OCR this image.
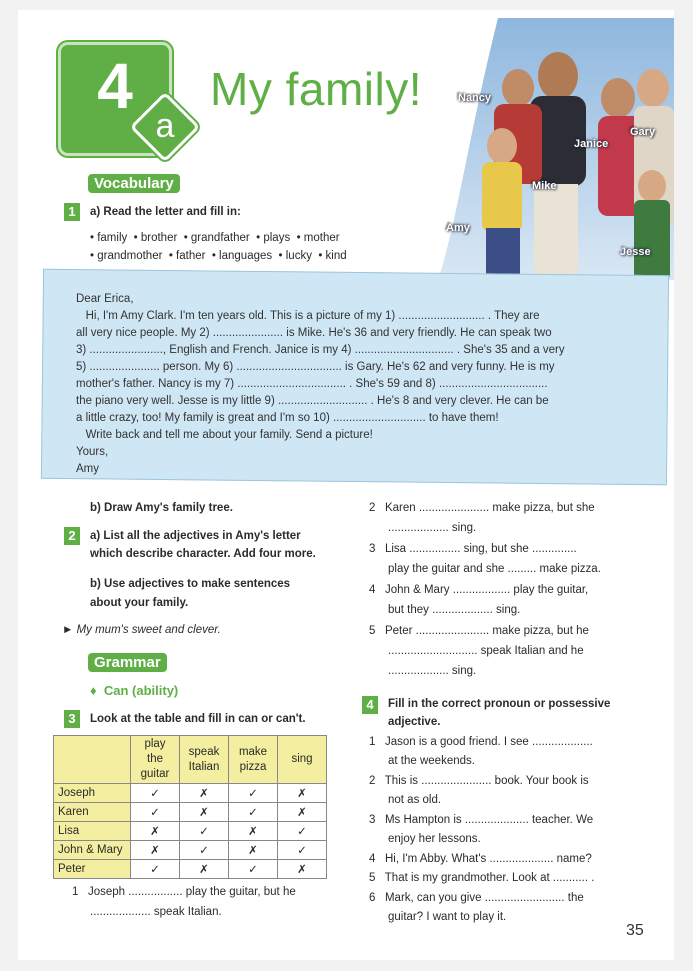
4
a
My family!	Nancy
Janice
Gary
Mike
Amy
Jesse
Vocabulary
1	a) Read the letter and fill in:
• family  • brother  • grandfather  • plays  • mother
• grandmother  • father  • languages  • lucky  • kind
Dear Erica,
Hi, I'm Amy Clark. I'm ten years old. This is a picture of my 1) ........................... . They are
all very nice people. My 2) ...................... is Mike. He's 36 and very friendly. He can speak two
3) ......................., English and French. Janice is my 4) ............................... . She's 35 and a very
5) ...................... person. My 6) ................................. is Gary. He's 62 and very funny. He is my
mother's father. Nancy is my 7) .................................. . She's 59 and 8) ..................................
the piano very well. Jesse is my little 9) ............................ . He's 8 and very clever. He can be
a little crazy, too! My family is great and I'm so 10) ............................. to have them!
Write back and tell me about your family. Send a picture!
Yours,
Amy
b) Draw Amy's family tree.
2	a) List all the adjectives in Amy's letter
which describe character. Add four more.
b) Use adjectives to make sentences
about your family.
► My mum's sweet and clever.
Grammar
♦  Can (ability)
3	Look at the table and fill in can or can't.
	play the guitar	speak Italian	make pizza	sing
Joseph	✓	✗	✓	✗
Karen	✓	✗	✓	✗
Lisa	✗	✓	✗	✓
John & Mary	✗	✓	✗	✓
Peter	✓	✗	✓	✗
1   Joseph ................. play the guitar, but he
................... speak Italian.
2   Karen ...................... make pizza, but she
................... sing.
3   Lisa ................ sing, but she ..............
play the guitar and she ......... make pizza.
4   John & Mary .................. play the guitar,
but they ................... sing.
5   Peter ....................... make pizza, but he
............................ speak Italian and he
................... sing.
4	Fill in the correct pronoun or possessive
adjective.
1   Jason is a good friend. I see ...................
at the weekends.
2   This is ...................... book. Your book is
not as old.
3   Ms Hampton is .................... teacher. We
enjoy her lessons.
4   Hi, I'm Abby. What's .................... name?
5   That is my grandmother. Look at ........... .
6   Mark, can you give ......................... the
guitar? I want to play it.
35
